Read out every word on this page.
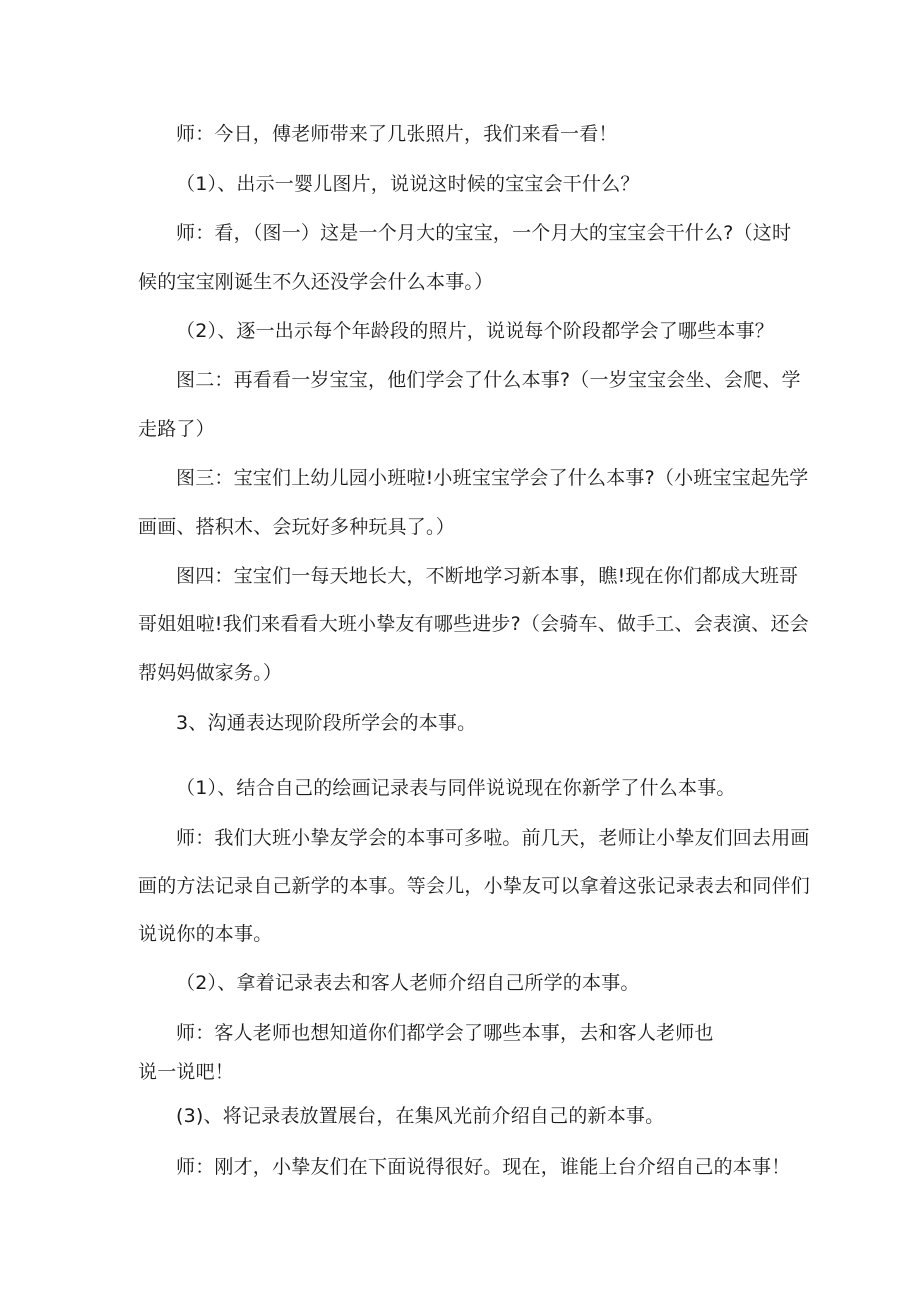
师：今日，傅老师带来了几张照片，我们来看一看！

（1）、出示一婴儿图片，说说这时候的宝宝会干什么？

师：看，（图一）这是一个月大的宝宝，一个月大的宝宝会干什么?（这时

候的宝宝刚诞生不久还没学会什么本事。）

（2）、逐一出示每个年龄段的照片，说说每个阶段都学会了哪些本事？

图二：再看看一岁宝宝，他们学会了什么本事?（一岁宝宝会坐、会爬、学

走路了）

图三：宝宝们上幼儿园小班啦!小班宝宝学会了什么本事?（小班宝宝起先学

画画、搭积木、会玩好多种玩具了。）

图四：宝宝们一每天地长大，不断地学习新本事，瞧!现在你们都成大班哥

哥姐姐啦!我们来看看大班小挚友有哪些进步?（会骑车、做手工、会表演、还会

帮妈妈做家务。）

3、沟通表达现阶段所学会的本事。

（1）、结合自己的绘画记录表与同伴说说现在你新学了什么本事。

师：我们大班小挚友学会的本事可多啦。前几天，老师让小挚友们回去用画

画的方法记录自己新学的本事。等会儿，小挚友可以拿着这张记录表去和同伴们

说说你的本事。

（2）、拿着记录表去和客人老师介绍自己所学的本事。

师：客人老师也想知道你们都学会了哪些本事，去和客人老师也

说一说吧！

(3)、将记录表放置展台，在集风光前介绍自己的新本事。

师：刚才，小挚友们在下面说得很好。现在，谁能上台介绍自己的本事！
